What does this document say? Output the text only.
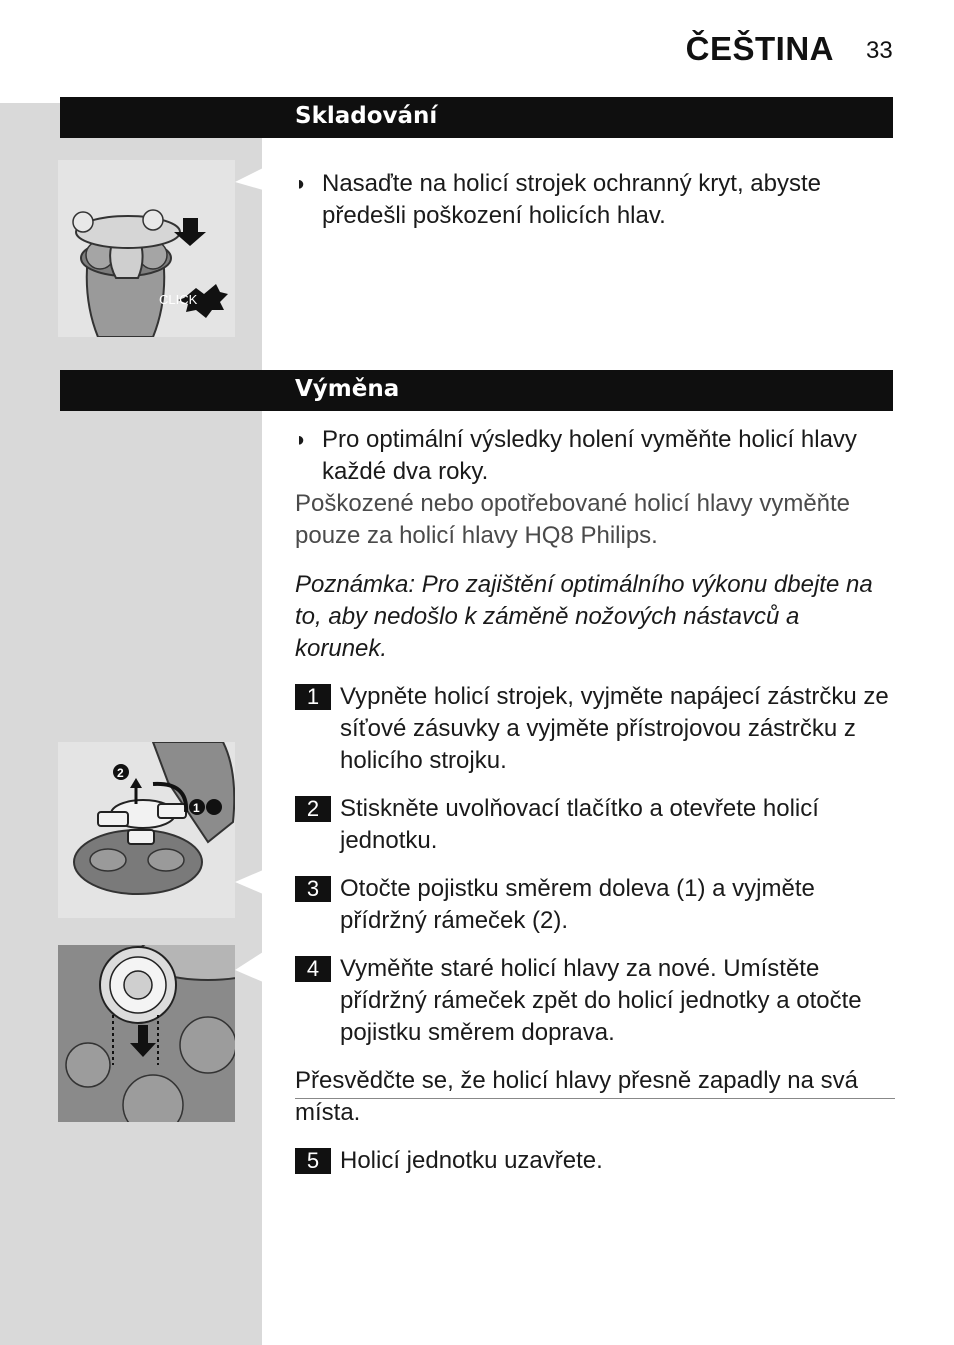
ČEŠTINA 33
Skladování
CLICK
◗ Nasaďte na holicí strojek ochranný kryt, abyste předešli poškození holicích hlav.
Výměna
◗ Pro optimální výsledky holení vyměňte holicí hlavy každé dva roky.
Poškozené nebo opotřebované holicí hlavy vyměňte pouze za holicí hlavy HQ8 Philips.
Poznámka: Pro zajištění optimálního výkonu dbejte na to, aby nedošlo k záměně nožových nástavců a korunek.
1 Vypněte holicí strojek, vyjměte napájecí zástrčku ze síťové zásuvky a vyjměte přístrojovou zástrčku z holicího strojku.
2 Stiskněte uvolňovací tlačítko a otevřete holicí jednotku.
3 Otočte pojistku směrem doleva (1) a vyjměte přídržný rámeček (2).
4 Vyměňte staré holicí hlavy za nové. Umístěte přídržný rámeček zpět do holicí jednotky a otočte pojistku směrem doprava.
Přesvědčte se, že holicí hlavy přesně zapadly na svá místa.
5 Holicí jednotku uzavřete.
2
1
